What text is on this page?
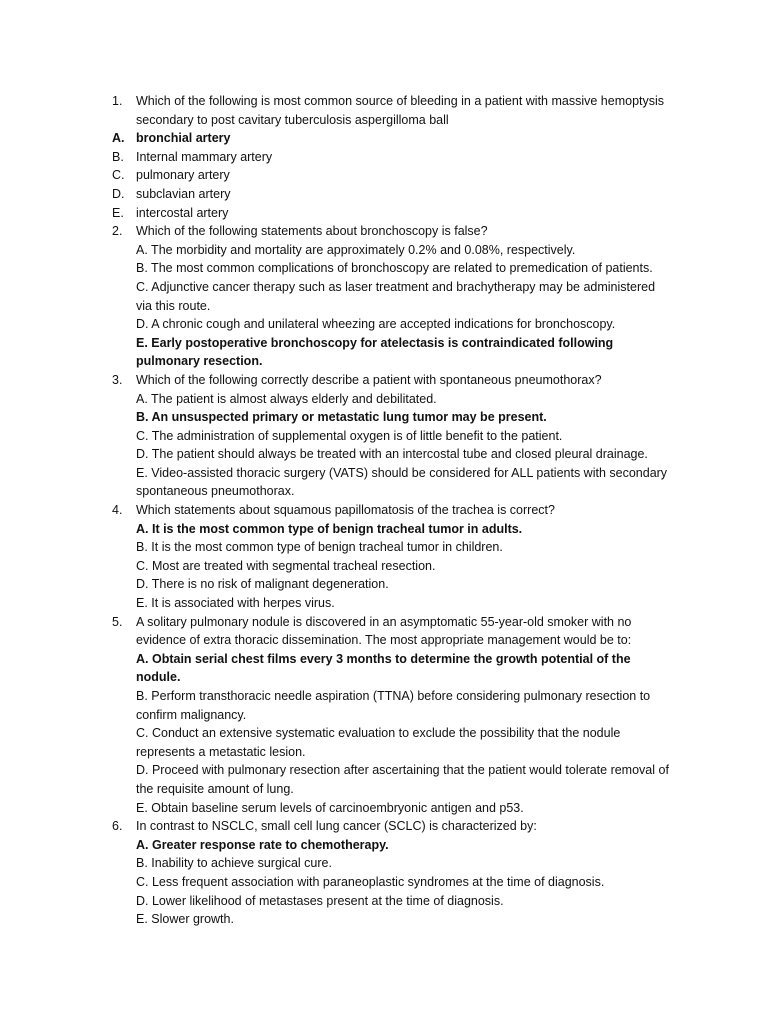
1.	Which of the following is most common source of bleeding in a patient with massive hemoptysis secondary to post cavitary tuberculosis aspergilloma ball
A. bronchial artery
B. Internal mammary artery
C. pulmonary artery
D. subclavian artery
E. intercostal artery
2.	Which of the following statements about bronchoscopy is false?
A. The morbidity and mortality are approximately 0.2% and 0.08%, respectively.
B. The most common complications of bronchoscopy are related to premedication of patients.
C. Adjunctive cancer therapy such as laser treatment and brachytherapy may be administered via this route.
D. A chronic cough and unilateral wheezing are accepted indications for bronchoscopy.
E. Early postoperative bronchoscopy for atelectasis is contraindicated following pulmonary resection.
3.	Which of the following correctly describe a patient with spontaneous pneumothorax?
A. The patient is almost always elderly and debilitated.
B. An unsuspected primary or metastatic lung tumor may be present.
C. The administration of supplemental oxygen is of little benefit to the patient.
D. The patient should always be treated with an intercostal tube and closed pleural drainage.
E. Video-assisted thoracic surgery (VATS) should be considered for ALL patients with secondary spontaneous pneumothorax.
4.	Which statements about squamous papillomatosis of the trachea is correct?
A. It is the most common type of benign tracheal tumor in adults.
B. It is the most common type of benign tracheal tumor in children.
C. Most are treated with segmental tracheal resection.
D. There is no risk of malignant degeneration.
E. It is associated with herpes virus.
5.	A solitary pulmonary nodule is discovered in an asymptomatic 55-year-old smoker with no evidence of extra thoracic dissemination. The most appropriate management would be to:
A. Obtain serial chest films every 3 months to determine the growth potential of the nodule.
B. Perform transthoracic needle aspiration (TTNA) before considering pulmonary resection to confirm malignancy.
C. Conduct an extensive systematic evaluation to exclude the possibility that the nodule represents a metastatic lesion.
D. Proceed with pulmonary resection after ascertaining that the patient would tolerate removal of the requisite amount of lung.
E. Obtain baseline serum levels of carcinoembryonic antigen and p53.
6.	In contrast to NSCLC, small cell lung cancer (SCLC) is characterized by:
A. Greater response rate to chemotherapy.
B. Inability to achieve surgical cure.
C. Less frequent association with paraneoplastic syndromes at the time of diagnosis.
D. Lower likelihood of metastases present at the time of diagnosis.
E. Slower growth.
